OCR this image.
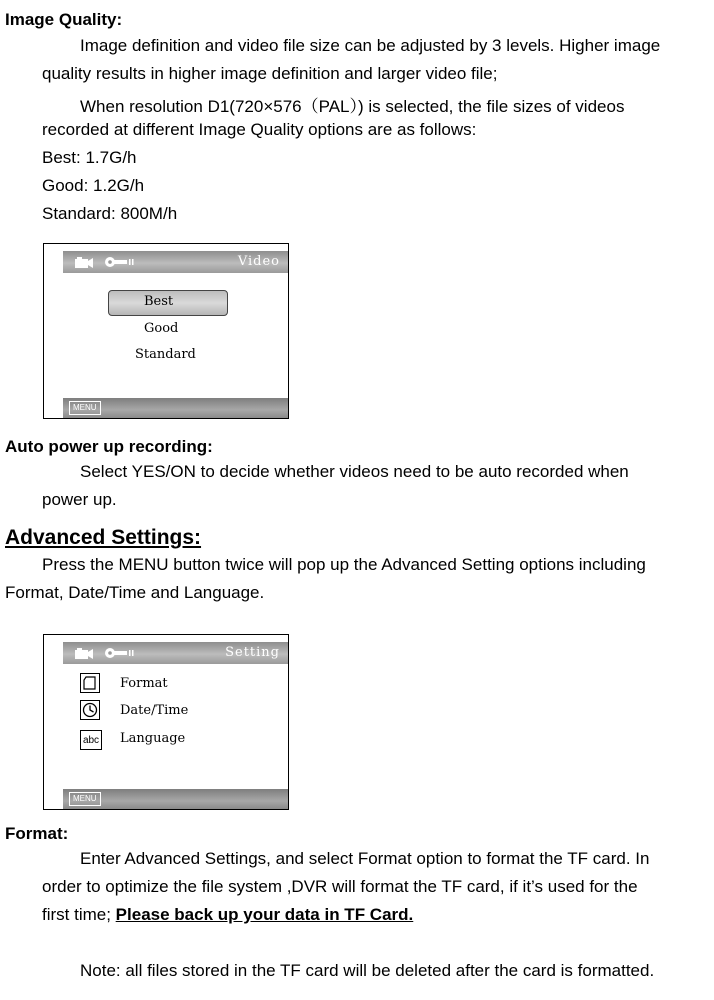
Image Quality:
Image definition and video file size can be adjusted by 3 levels. Higher image
quality results in higher image definition and larger video file;
When resolution D1(720×576（PAL）) is selected, the file sizes of videos
recorded at different Image Quality options are as follows:
Best: 1.7G/h
Good: 1.2G/h
Standard: 800M/h
Video
Best
Good
Standard
MENU
Auto power up recording:
Select YES/ON to decide whether videos need to be auto recorded when
power up.
Advanced Settings:
Press the MENU button twice will pop up the Advanced Setting options including
Format, Date/Time and Language.
Setting
Format
Date/Time
abc Language
MENU
Format:
Enter Advanced Settings, and select Format option to format the TF card. In
order to optimize the file system ,DVR will format the TF card, if it’s used for the
first time; Please back up your data in TF Card.
Note: all files stored in the TF card will be deleted after the card is formatted.
